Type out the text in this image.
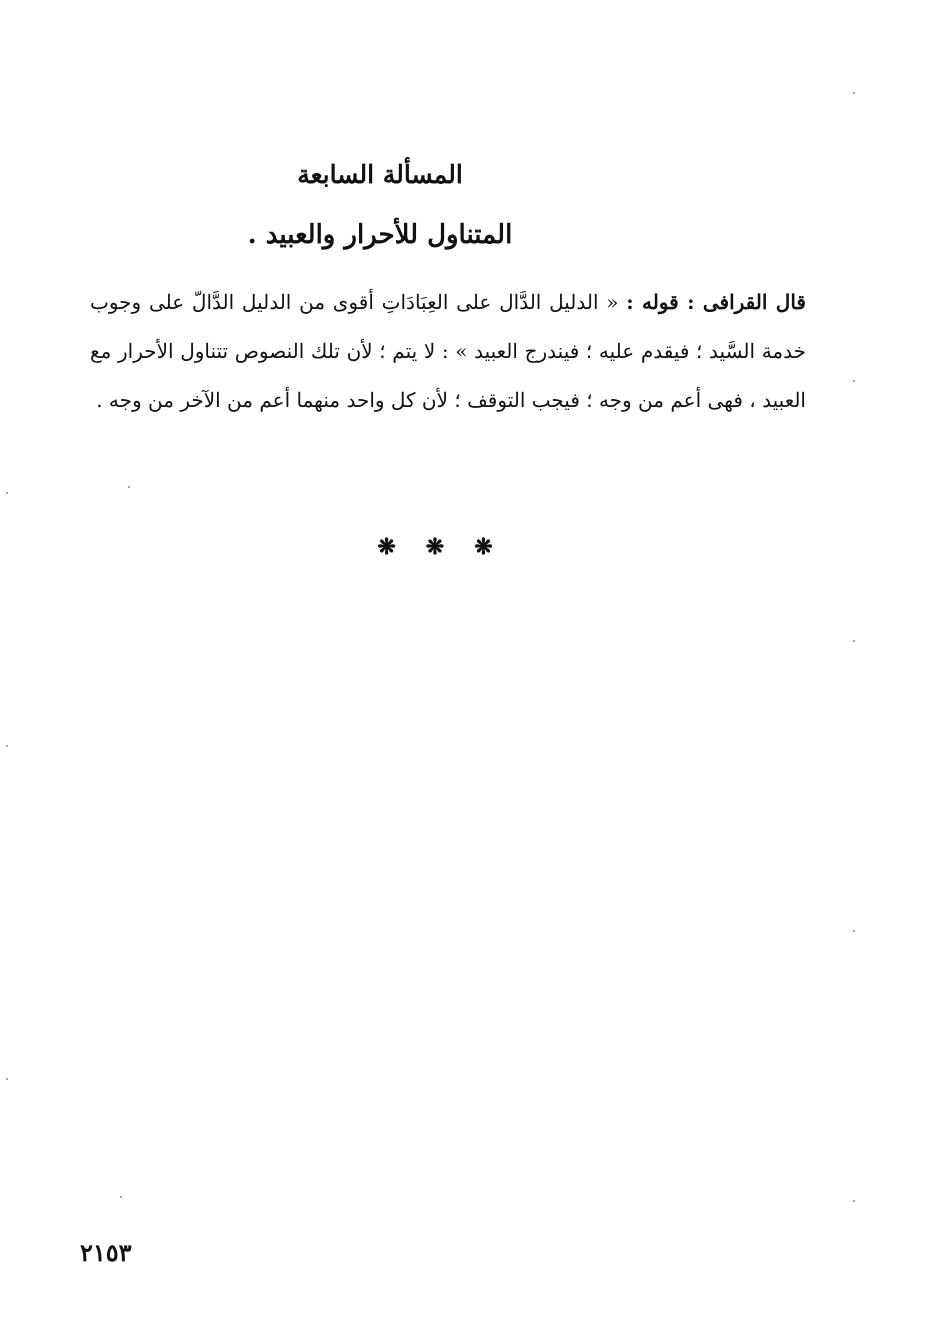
المسألة السابعة
المتناول للأحرار والعبيد .
قال القرافى : قوله : « الدليل الدَّال على العِبَادَاتِ أقوى من الدليل الدَّالّ على وجوب خدمة السَّيد ؛ فيقدم عليه ؛ فيندرج العبيد » : لا يتم ؛ لأن تلك النصوص تتناول الأحرار مع العبيد ، فهى أعم من وجه ؛ فيجب التوقف ؛ لأن كل واحد منهما أعم من الآخر من وجه .
❋❋❋
٢١٥٣
